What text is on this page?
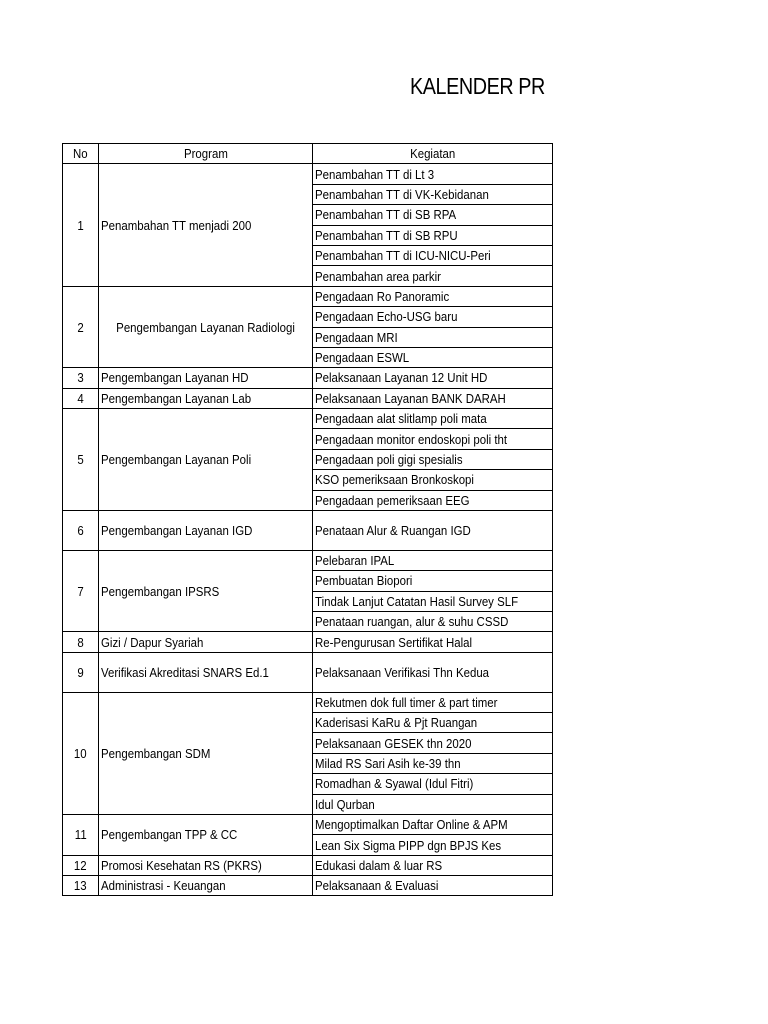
KALENDER PR
No	Program	Kegiatan
1	Penambahan TT menjadi 200	Penambahan TT di Lt 3
		Penambahan TT di VK-Kebidanan
		Penambahan TT di SB RPA
		Penambahan TT di SB RPU
		Penambahan TT di ICU-NICU-Peri
		Penambahan area parkir
2	Pengembangan Layanan Radiologi	Pengadaan Ro Panoramic
		Pengadaan Echo-USG baru
		Pengadaan MRI
		Pengadaan ESWL
3	Pengembangan Layanan HD	Pelaksanaan Layanan 12 Unit HD
4	Pengembangan Layanan Lab	Pelaksanaan Layanan BANK DARAH
5	Pengembangan Layanan Poli	Pengadaan alat slitlamp poli mata
		Pengadaan monitor endoskopi poli tht
		Pengadaan poli gigi spesialis
		KSO pemeriksaan Bronkoskopi
		Pengadaan pemeriksaan EEG
6	Pengembangan Layanan IGD	Penataan Alur & Ruangan IGD
7	Pengembangan IPSRS	Pelebaran IPAL
		Pembuatan Biopori
		Tindak Lanjut Catatan Hasil Survey SLF
		Penataan ruangan, alur & suhu CSSD
8	Gizi / Dapur Syariah	Re-Pengurusan Sertifikat Halal
9	Verifikasi Akreditasi SNARS Ed.1	Pelaksanaan Verifikasi Thn Kedua
10	Pengembangan SDM	Rekutmen dok full timer & part timer
		Kaderisasi KaRu & Pjt Ruangan
		Pelaksanaan GESEK thn 2020
		Milad RS Sari Asih ke-39 thn
		Romadhan & Syawal (Idul Fitri)
		Idul Qurban
11	Pengembangan TPP & CC	Mengoptimalkan Daftar Online & APM
		Lean Six Sigma PIPP dgn BPJS Kes
12	Promosi Kesehatan RS (PKRS)	Edukasi dalam & luar RS
13	Administrasi - Keuangan	Pelaksanaan & Evaluasi
